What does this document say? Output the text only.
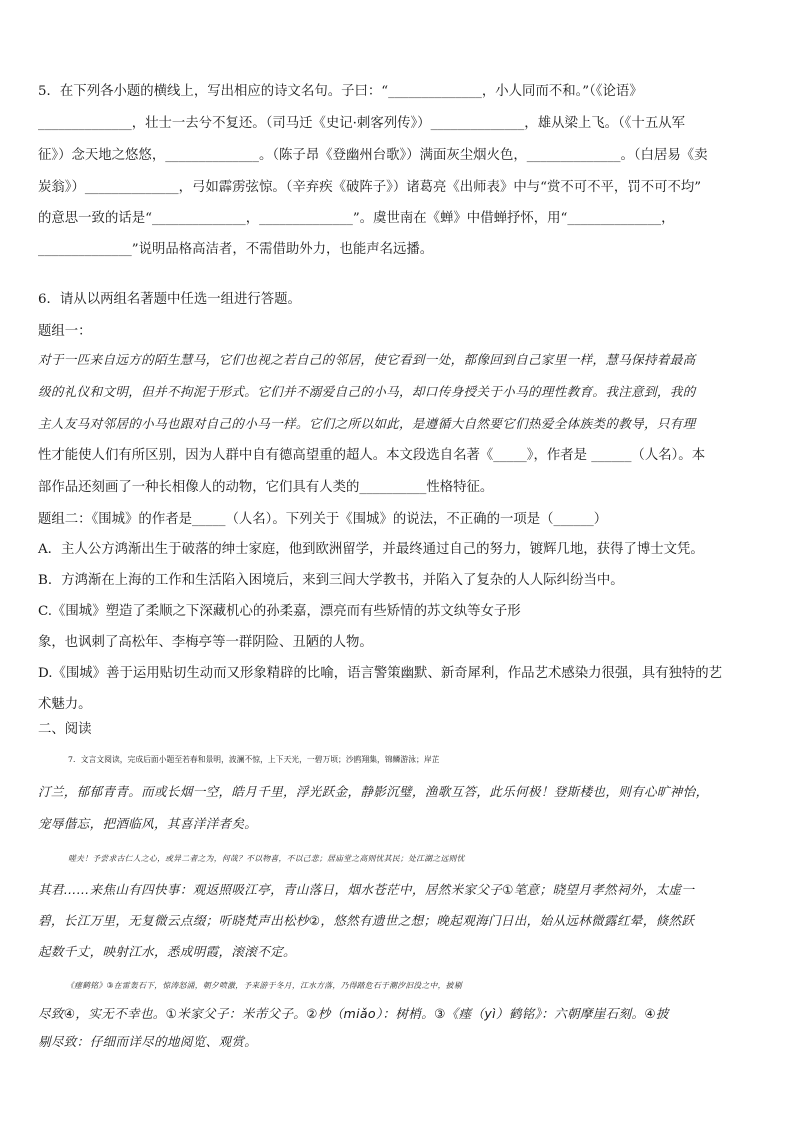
5．在下列各小题的横线上，写出相应的诗文名句。子曰：“______________，小人同而不和。”（《论语》
______________，壮士一去兮不复还。（司马迁《史记·刺客列传》）______________，雄从梁上飞。（《十五从军
征》）念天地之悠悠，______________。（陈子昂《登幽州台歌》）满面灰尘烟火色，______________。（白居易《卖
炭翁》）______________，弓如霹雳弦惊。（辛弃疾《破阵子》）诸葛亮《出师表》中与“赏不可不平，罚不可不均”
的意思一致的话是“______________，______________”。虞世南在《蝉》中借蝉抒怀，用“______________，
______________”说明品格高洁者，不需借助外力，也能声名远播。
6．请从以两组名著题中任选一组进行答题。
题组一：
对于一匹来自远方的陌生慧马，它们也视之若自己的邻居，使它看到一处，都像回到自己家里一样，慧马保持着最高
级的礼仪和文明，但并不拘泥于形式。它们并不溺爱自己的小马，却口传身授关于小马的理性教育。我注意到，我的
主人友马对邻居的小马也跟对自己的小马一样。它们之所以如此，是遵循大自然要它们热爱全体族类的教导，只有理
性才能使人们有所区别，因为人群中自有德高望重的超人。本文段选自名著《_____》，作者是 ______（人名）。本
部作品还刻画了一种长相像人的动物，它们具有人类的__________性格特征。
题组二：《围城》的作者是_____（人名）。下列关于《围城》的说法，不正确的一项是（______）
A．主人公方鸿渐出生于破落的绅士家庭，他到欧洲留学，并最终通过自己的努力，镀辉几地，获得了博士文凭。
B．方鸿渐在上海的工作和生活陷入困境后，来到三闾大学教书，并陷入了复杂的人人际纠纷当中。
C.《围城》塑造了柔顺之下深藏机心的孙柔嘉，漂亮而有些矫情的苏文纨等女子形
象，也讽刺了高松年、李梅亭等一群阴险、丑陋的人物。
D.《围城》善于运用贴切生动而又形象精辟的比喻，语言警策幽默、新奇犀利，作品艺术感染力很强，具有独特的艺
术魅力。
二、阅读
7．文言文阅读，完成后面小题至若春和景明，波澜不惊，上下天光，一碧万顷；沙鸥翔集，锦鳞游泳；岸芷
汀兰，郁郁青青。而或长烟一空，皓月千里，浮光跃金，静影沉璧，渔歌互答，此乐何极！登斯楼也，则有心旷神怡，
宠辱偕忘，把酒临风，其喜洋洋者矣。
嗟夫！予尝求古仁人之心，或异二者之为，何哉？不以物喜，不以己悲；居庙堂之高则忧其民；处江湖之远则忧
其君……来焦山有四快事：观返照吸江亭，青山落日，烟水苍茫中，居然米家父子①笔意；晓望月孝然祠外，太虚一
碧，长江万里，无复微云点缀；听晓梵声出松杪②，悠然有遗世之想；晚起观海门日出，始从远林微露红晕，倏然跃
起数千丈，映射江水，悉成明霞，滚滚不定。
《瘗鹤铭》③在雷轰石下，惊涛怒涌，朝夕喷激，予来游于冬月，江水方落，乃得踏危石于潮汐汩没之中，披剔
尽致④，实无不幸也。①米家父子：米芾父子。②杪（miǎo）：树梢。③《瘗（yì）鹤铭》：六朝摩崖石刻。④披
剔尽致：仔细而详尽的地阅览、观赏。
